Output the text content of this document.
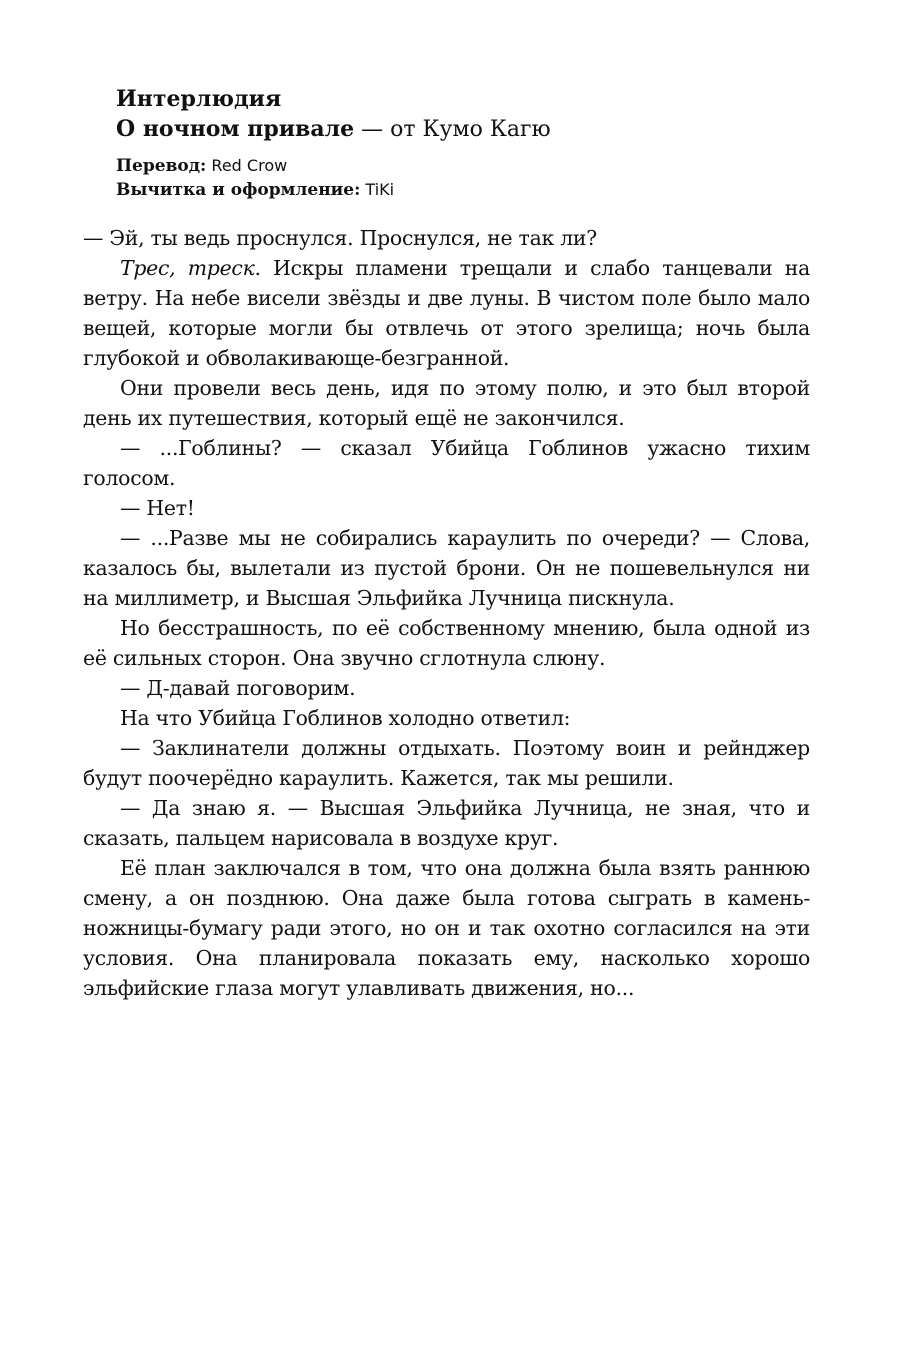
Интерлюдия
О ночном привале — от Кумо Кагю
Перевод: Red Crow
Вычитка и оформление: TiKi

— Эй, ты ведь проснулся. Проснулся, не так ли?

Трес, треск. Искры пламени трещали и слабо танцевали на ветру. На небе висели звёзды и две луны. В чистом поле было мало вещей, которые могли бы отвлечь от этого зрелища; ночь была глубокой и обволакивающе-безгранной.

Они провели весь день, идя по этому полю, и это был второй день их путешествия, который ещё не закончился.

— ...Гоблины? — сказал Убийца Гоблинов ужасно тихим голосом.

— Нет!

— ...Разве мы не собирались караулить по очереди? — Слова, казалось бы, вылетали из пустой брони. Он не пошевельнулся ни на миллиметр, и Высшая Эльфийка Лучница пискнула.

Но бесстрашность, по её собственному мнению, была одной из её сильных сторон. Она звучно сглотнула слюну.

— Д-давай поговорим.

На что Убийца Гоблинов холодно ответил:

— Заклинатели должны отдыхать. Поэтому воин и рейнджер будут поочерёдно караулить. Кажется, так мы решили.

— Да знаю я. — Высшая Эльфийка Лучница, не зная, что и сказать, пальцем нарисовала в воздухе круг.

Её план заключался в том, что она должна была взять раннюю смену, а он позднюю. Она даже была готова сыграть в камень-ножницы-бумагу ради этого, но он и так охотно согласился на эти условия. Она планировала показать ему, насколько хорошо эльфийские глаза могут улавливать движения, но...
